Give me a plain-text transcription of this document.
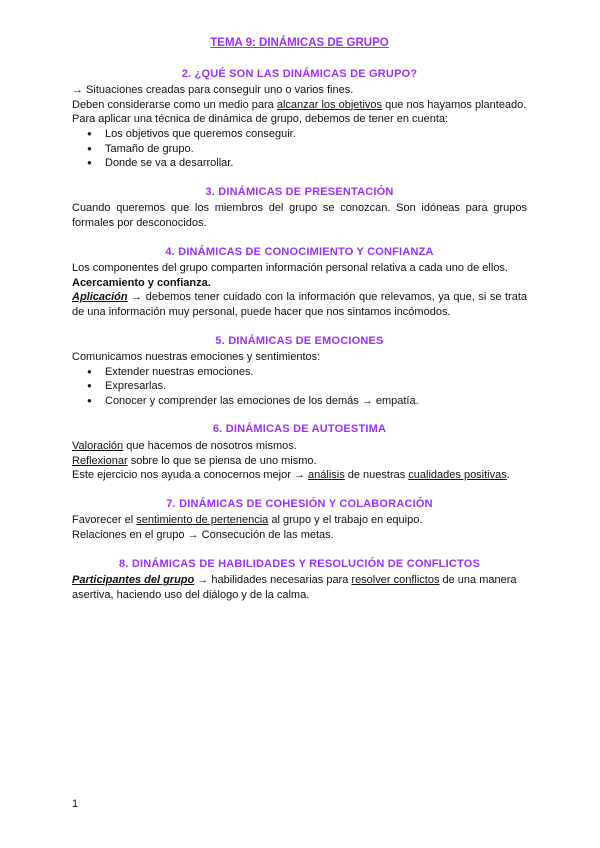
TEMA 9: DINÁMICAS DE GRUPO
2. ¿QUÉ SON LAS DINÁMICAS DE GRUPO?

→ Situaciones creadas para conseguir uno o varios fines.

Deben considerarse como un medio para alcanzar los objetivos que nos hayamos planteado.

Para aplicar una técnica de dinámica de grupo, debemos de tener en cuenta:

● Los objetivos que queremos conseguir.
● Tamaño de grupo.
● Donde se va a desarrollar.
3. DINÁMICAS DE PRESENTACIÓN

Cuando queremos que los miembros del grupo se conozcan. Son idóneas para grupos formales por desconocidos.

4. DINÁMICAS DE CONOCIMIENTO Y CONFIANZA

Los componentes del grupo comparten información personal relativa a cada uno de ellos.

Acercamiento y confianza.

Aplicación → debemos tener cuidado con la información que relevamos, ya que, si se trata de una información muy personal, puede hacer que nos sintamos incómodos.

5. DINÁMICAS DE EMOCIONES

Comunicamos nuestras emociones y sentimientos:

● Extender nuestras emociones.
● Expresarlas.
● Conocer y comprender las emociones de los demás → empatía.
6. DINÁMICAS DE AUTOESTIMA

Valoración que hacemos de nosotros mismos.

Reflexionar sobre lo que se piensa de uno mismo.

Este ejercicio nos ayuda a conocernos mejor → análisis de nuestras cualidades positivas.

7. DINÁMICAS DE COHESIÓN Y COLABORACIÓN

Favorecer el sentimiento de pertenencia al grupo y el trabajo en equipo.

Relaciones en el grupo → Consecución de las metas.

8. DINÁMICAS DE HABILIDADES Y RESOLUCIÓN DE CONFLICTOS

Participantes del grupo → habilidades necesarias para resolver conflictos de una manera asertiva, haciendo uso del diálogo y de la calma.

1
